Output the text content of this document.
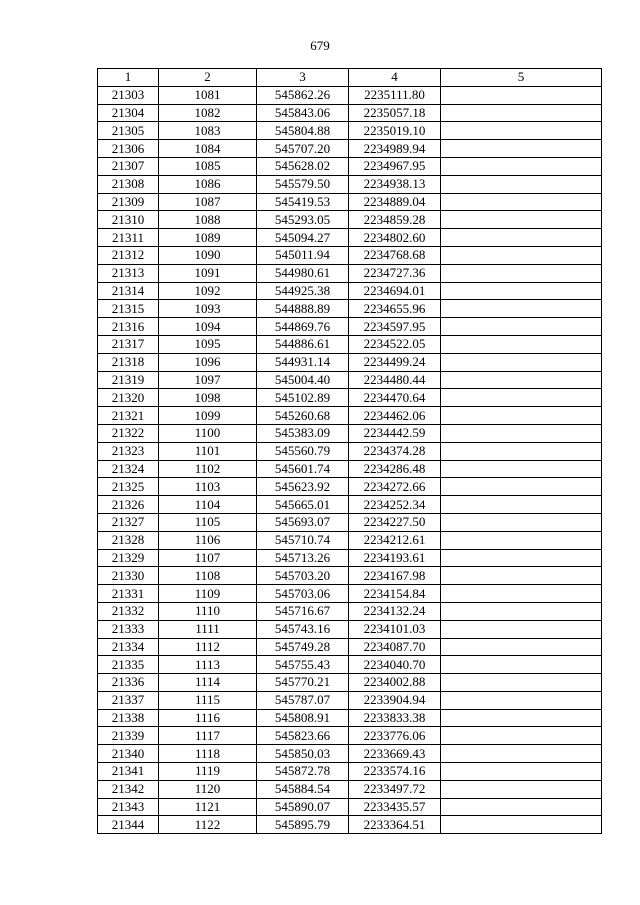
679
1	2	3	4	5
21303	1081	545862.26	2235111.80	
21304	1082	545843.06	2235057.18	
21305	1083	545804.88	2235019.10	
21306	1084	545707.20	2234989.94	
21307	1085	545628.02	2234967.95	
21308	1086	545579.50	2234938.13	
21309	1087	545419.53	2234889.04	
21310	1088	545293.05	2234859.28	
21311	1089	545094.27	2234802.60	
21312	1090	545011.94	2234768.68	
21313	1091	544980.61	2234727.36	
21314	1092	544925.38	2234694.01	
21315	1093	544888.89	2234655.96	
21316	1094	544869.76	2234597.95	
21317	1095	544886.61	2234522.05	
21318	1096	544931.14	2234499.24	
21319	1097	545004.40	2234480.44	
21320	1098	545102.89	2234470.64	
21321	1099	545260.68	2234462.06	
21322	1100	545383.09	2234442.59	
21323	1101	545560.79	2234374.28	
21324	1102	545601.74	2234286.48	
21325	1103	545623.92	2234272.66	
21326	1104	545665.01	2234252.34	
21327	1105	545693.07	2234227.50	
21328	1106	545710.74	2234212.61	
21329	1107	545713.26	2234193.61	
21330	1108	545703.20	2234167.98	
21331	1109	545703.06	2234154.84	
21332	1110	545716.67	2234132.24	
21333	1111	545743.16	2234101.03	
21334	1112	545749.28	2234087.70	
21335	1113	545755.43	2234040.70	
21336	1114	545770.21	2234002.88	
21337	1115	545787.07	2233904.94	
21338	1116	545808.91	2233833.38	
21339	1117	545823.66	2233776.06	
21340	1118	545850.03	2233669.43	
21341	1119	545872.78	2233574.16	
21342	1120	545884.54	2233497.72	
21343	1121	545890.07	2233435.57	
21344	1122	545895.79	2233364.51	
